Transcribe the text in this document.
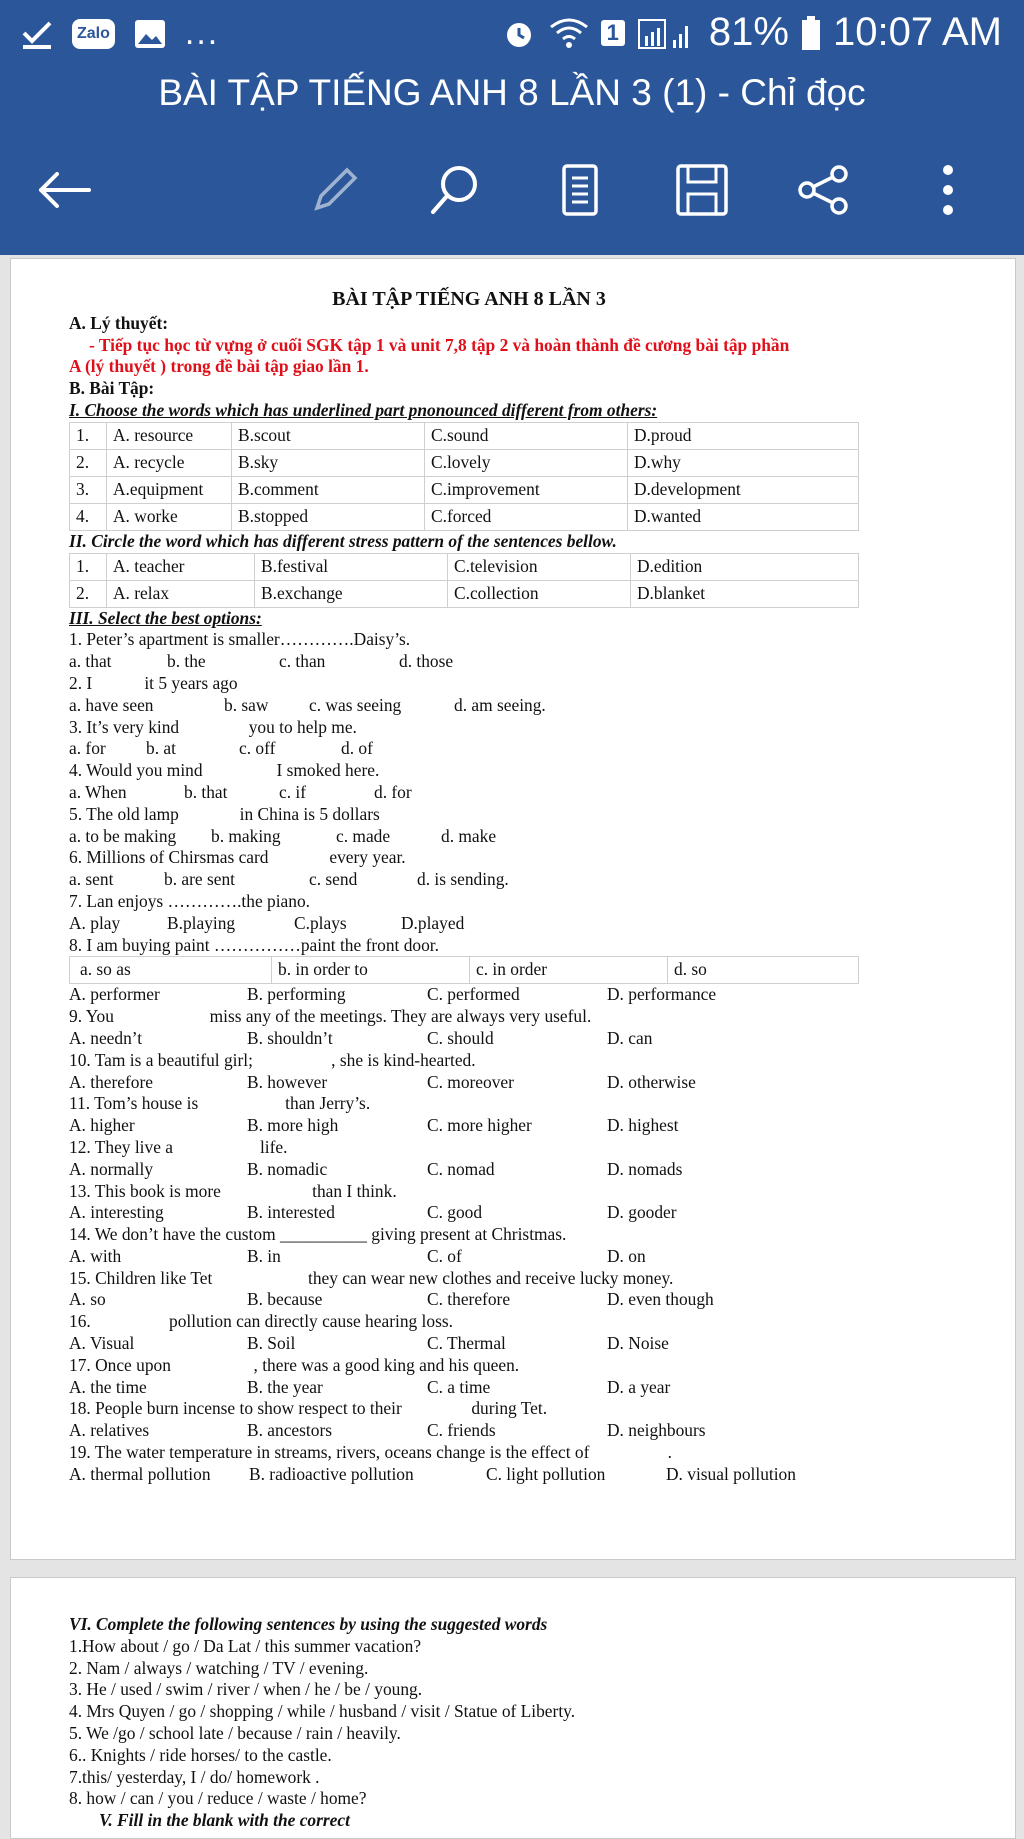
Zalo ...	1 81% 10:07 AM
BÀI TẬP TIẾNG ANH 8 LẦN 3 (1) - Chỉ đọc
BÀI TẬP TIẾNG ANH 8 LẦN 3
A. Lý thuyết:
- Tiếp tục học từ vựng ở cuối SGK tập 1 và unit 7,8 tập 2 và hoàn thành đề cương bài tập phần
A (lý thuyết ) trong đề bài tập giao lần 1.
B. Bài Tập:
I. Choose the words which has underlined part pnonounced different from others:
1.	A. resource	B.scout	C.sound	D.proud
2.	A. recycle	B.sky	C.lovely	D.why
3.	A.equipment	B.comment	C.improvement	D.development
4.	A. worke	B.stopped	C.forced	D.wanted
II. Circle the word which has different stress pattern of the sentences bellow.
1.	A. teacher	B.festival	C.television	D.edition
2.	A. relax	B.exchange	C.collection	D.blanket
III. Select the best options:
1. Peter’s apartment is smaller………….Daisy’s.
a. that	b. the	c. than	d. those
2. I            it 5 years ago
a. have seen	b. saw	c. was seeing	d. am seeing.
3. It’s very kind                you to help me.
a. for	b. at	c. off	d. of
4. Would you mind                 I smoked here.
a. When	b. that	c. if	d. for
5. The old lamp              in China is 5 dollars
a. to be making	b. making	c. made	d. make
6. Millions of Chirsmas card              every year.
a. sent	b. are sent	c. send	d. is sending.
7. Lan enjoys ………….the piano.
A. play	B.playing	C.plays	D.played
8. I am buying paint ……………paint the front door.
a. so as	b. in order to	c. in order	d. so
A. performer	B. performing	C. performed	D. performance
9. You                      miss any of the meetings. They are always very useful.
A. needn’t	B. shouldn’t	C. should	D. can
10. Tam is a beautiful girl;                  , she is kind-hearted.
A. therefore	B. however	C. moreover	D. otherwise
11. Tom’s house is                    than Jerry’s.
A. higher	B. more high	C. more higher	D. highest
12. They live a                    life.
A. normally	B. nomadic	C. nomad	D. nomads
13. This book is more                     than I think.
A. interesting	B. interested	C. good	D. gooder
14. We don’t have the custom __________ giving present at Christmas.
A. with	B. in	C. of	D. on
15. Children like Tet                      they can wear new clothes and receive lucky money.
A. so	B. because	C. therefore	D. even though
16.                  pollution can directly cause hearing loss.
A. Visual	B. Soil	C. Thermal	D. Noise
17. Once upon                   , there was a good king and his queen.
A. the time	B. the year	C. a time	D. a year
18. People burn incense to show respect to their                during Tet.
A. relatives	B. ancestors	C. friends	D. neighbours
19. The water temperature in streams, rivers, oceans change is the effect of                  .
A. thermal pollution	B. radioactive pollution	C. light pollution	D. visual pollution
VI. Complete the following sentences by using the suggested words
1.How about / go / Da Lat / this summer vacation?
2. Nam / always / watching / TV / evening.
3. He / used / swim / river / when / he / be / young.
4. Mrs Quyen / go / shopping / while / husband / visit / Statue of Liberty.
5. We /go / school late / because / rain / heavily.
6.. Knights / ride horses/ to the castle.
7.this/ yesterday, I / do/ homework .
8. how / can / you / reduce / waste / home?
V. Fill in the blank with the correct
